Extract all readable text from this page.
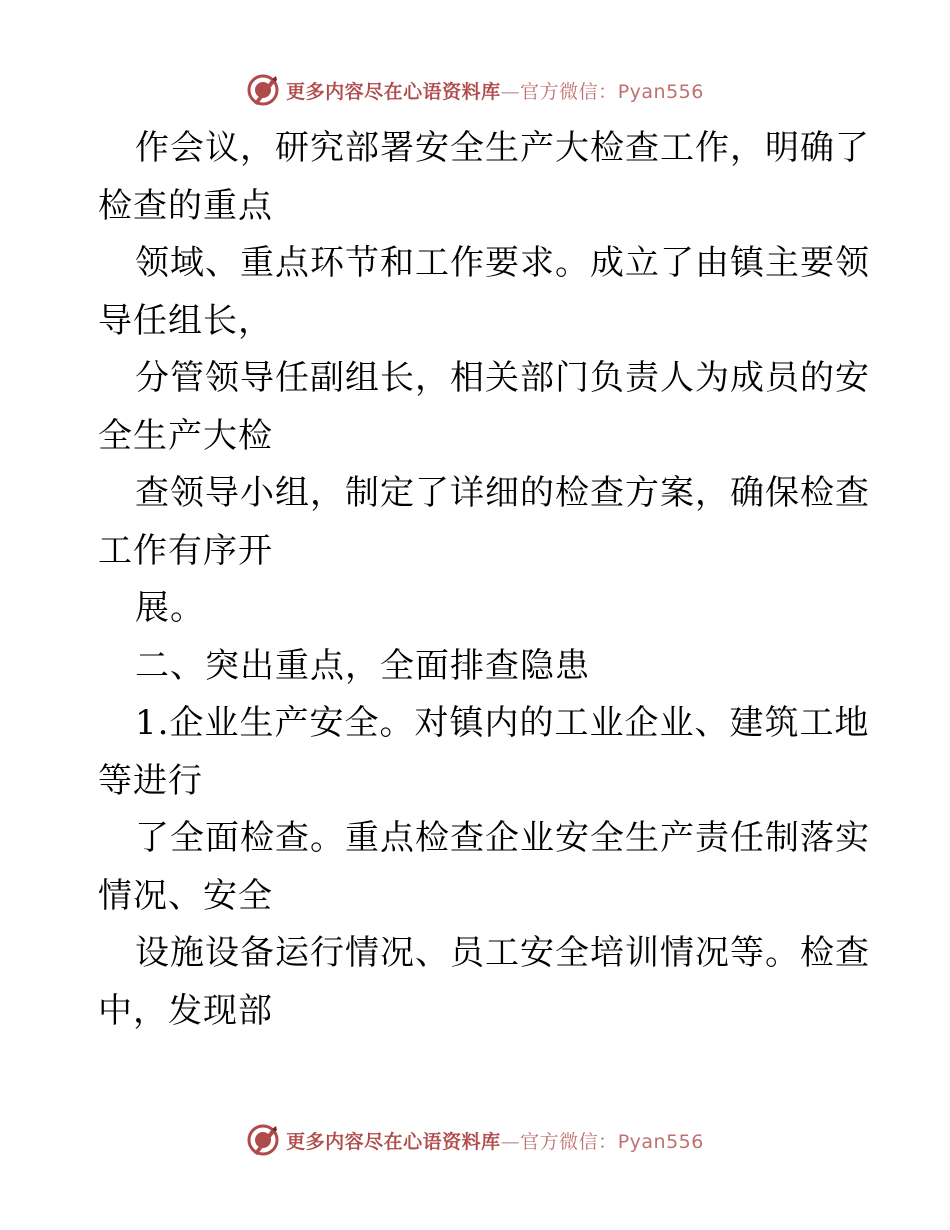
更多内容尽在心语资料库—官方微信：Pyan556
作会议，研究部署安全生产大检查工作，明确了
检查的重点
领域、重点环节和工作要求。成立了由镇主要领
导任组长，
分管领导任副组长，相关部门负责人为成员的安
全生产大检
查领导小组，制定了详细的检查方案，确保检查
工作有序开
展。
二、突出重点，全面排查隐患
1.企业生产安全。对镇内的工业企业、建筑工地
等进行
了全面检查。重点检查企业安全生产责任制落实
情况、安全
设施设备运行情况、员工安全培训情况等。检查
中，发现部
更多内容尽在心语资料库—官方微信：Pyan556
